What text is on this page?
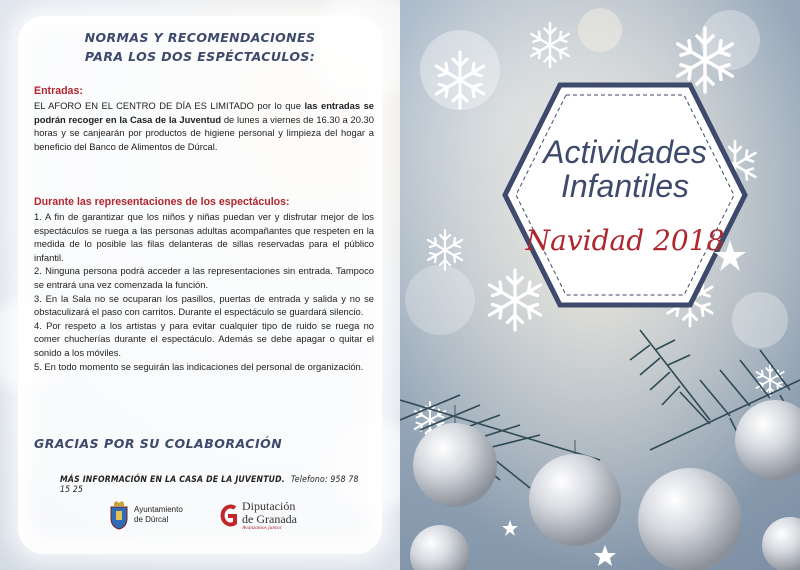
NORMAS Y RECOMENDACIONES

PARA LOS DOS ESPÉCTACULOS:

Entradas:

EL AFORO EN EL CENTRO DE DÍA ES LIMITADO por lo que las entradas se podrán recoger en la Casa de la Juventud de lunes a viernes de 16.30 a 20.30 horas y se canjearán por productos de higiene personal y limpieza del hogar a beneficio del Banco de Alimentos de Dúrcal.

Durante las representaciones de los espectáculos:

1. A fin de garantizar que los niños y niñas puedan ver y disfrutar mejor de los espectáculos se ruega a las personas adultas acompañantes que respeten en la medida de lo posible las filas delanteras de sillas reservadas para el público infantil.
2. Ninguna persona podrá acceder a las representaciones sin entrada. Tampoco se entrará una vez comenzada la función.
3. En la Sala no se ocuparan los pasillos, puertas de entrada y salida y no se obstaculizará el paso con carritos. Durante el espectáculo se guardará silencio.
4. Por respeto a los artistas y para evitar cualquier tipo de ruido se ruega no comer chucherías durante el espectáculo. Además se debe apagar o quitar el sonido a los móviles.
5. En todo momento se seguirán las indicaciones del personal de organización.

GRACIAS POR SU COLABORACIÓN

MÁS INFORMACIÓN EN LA CASA DE LA JUVENTUD. Telefono: 958 78 15 25

Ayuntamiento
de Dúrcal
Diputación
de Granada
Avanzamos juntos
Actividades
Infantiles
Navidad 2018
